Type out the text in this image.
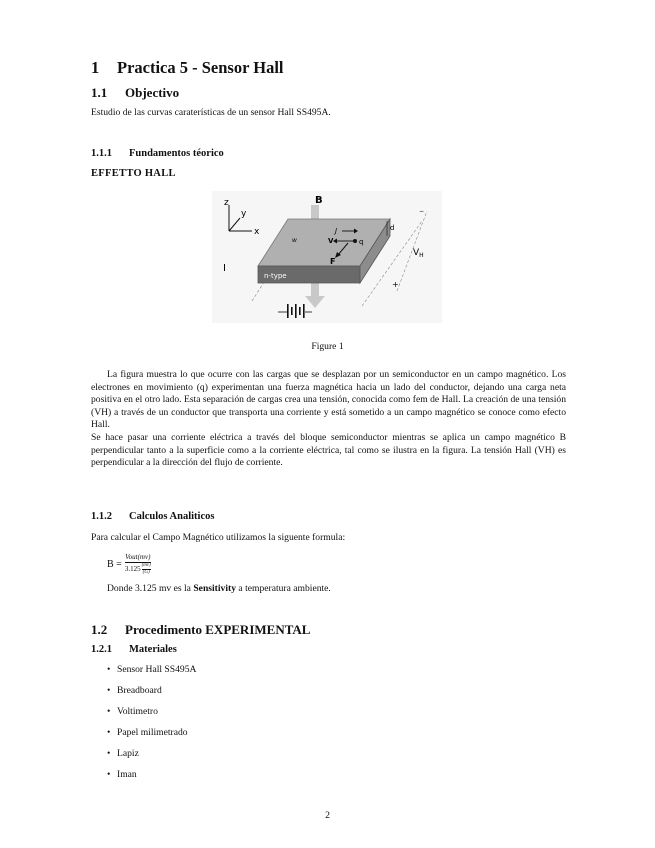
1 Practica 5 - Sensor Hall
1.1 Objectivo
Estudio de las curvas caraterísticas de un sensor Hall SS495A.
1.1.1 Fundamentos téorico
EFFETTO HALL
z
y
x
B
n-type
w
J
V	q
F
d
$V_H$
+
−
I
Figure 1
La figura muestra lo que ocurre con las cargas que se desplazan por un semiconductor en un campo magnético. Los electrones en movimiento (q) experimentan una fuerza magnética hacia un lado del conductor, dejando una carga neta positiva en el otro lado. Esta separación de cargas crea una tensión, conocida como fem de Hall. La creación de una tensión (VH) a través de un conductor que transporta una corriente y está sometido a un campo magnético se conoce como efecto Hall.
Se hace pasar una corriente eléctrica a través del bloque semiconductor mientras se aplica un campo magnético B perpendicular tanto a la superficie como a la corriente eléctrica, tal como se ilustra en la figura. La tensión Hall (VH) es perpendicular a la dirección del flujo de corriente.
1.1.2 Calculos Analiticos
Para calcular el Campo Magnético utilizamos la siguente formula:
B = Vout(mv)
3.125 (mv)
(G)
Donde 3.125 mv es la Sensitivity a temperatura ambiente.
1.2 Procedimento EXPERIMENTAL
1.2.1 Materiales
• Sensor Hall SS495A
• Breadboard
• Voltimetro
• Papel milimetrado
• Lapiz
• Iman
2
